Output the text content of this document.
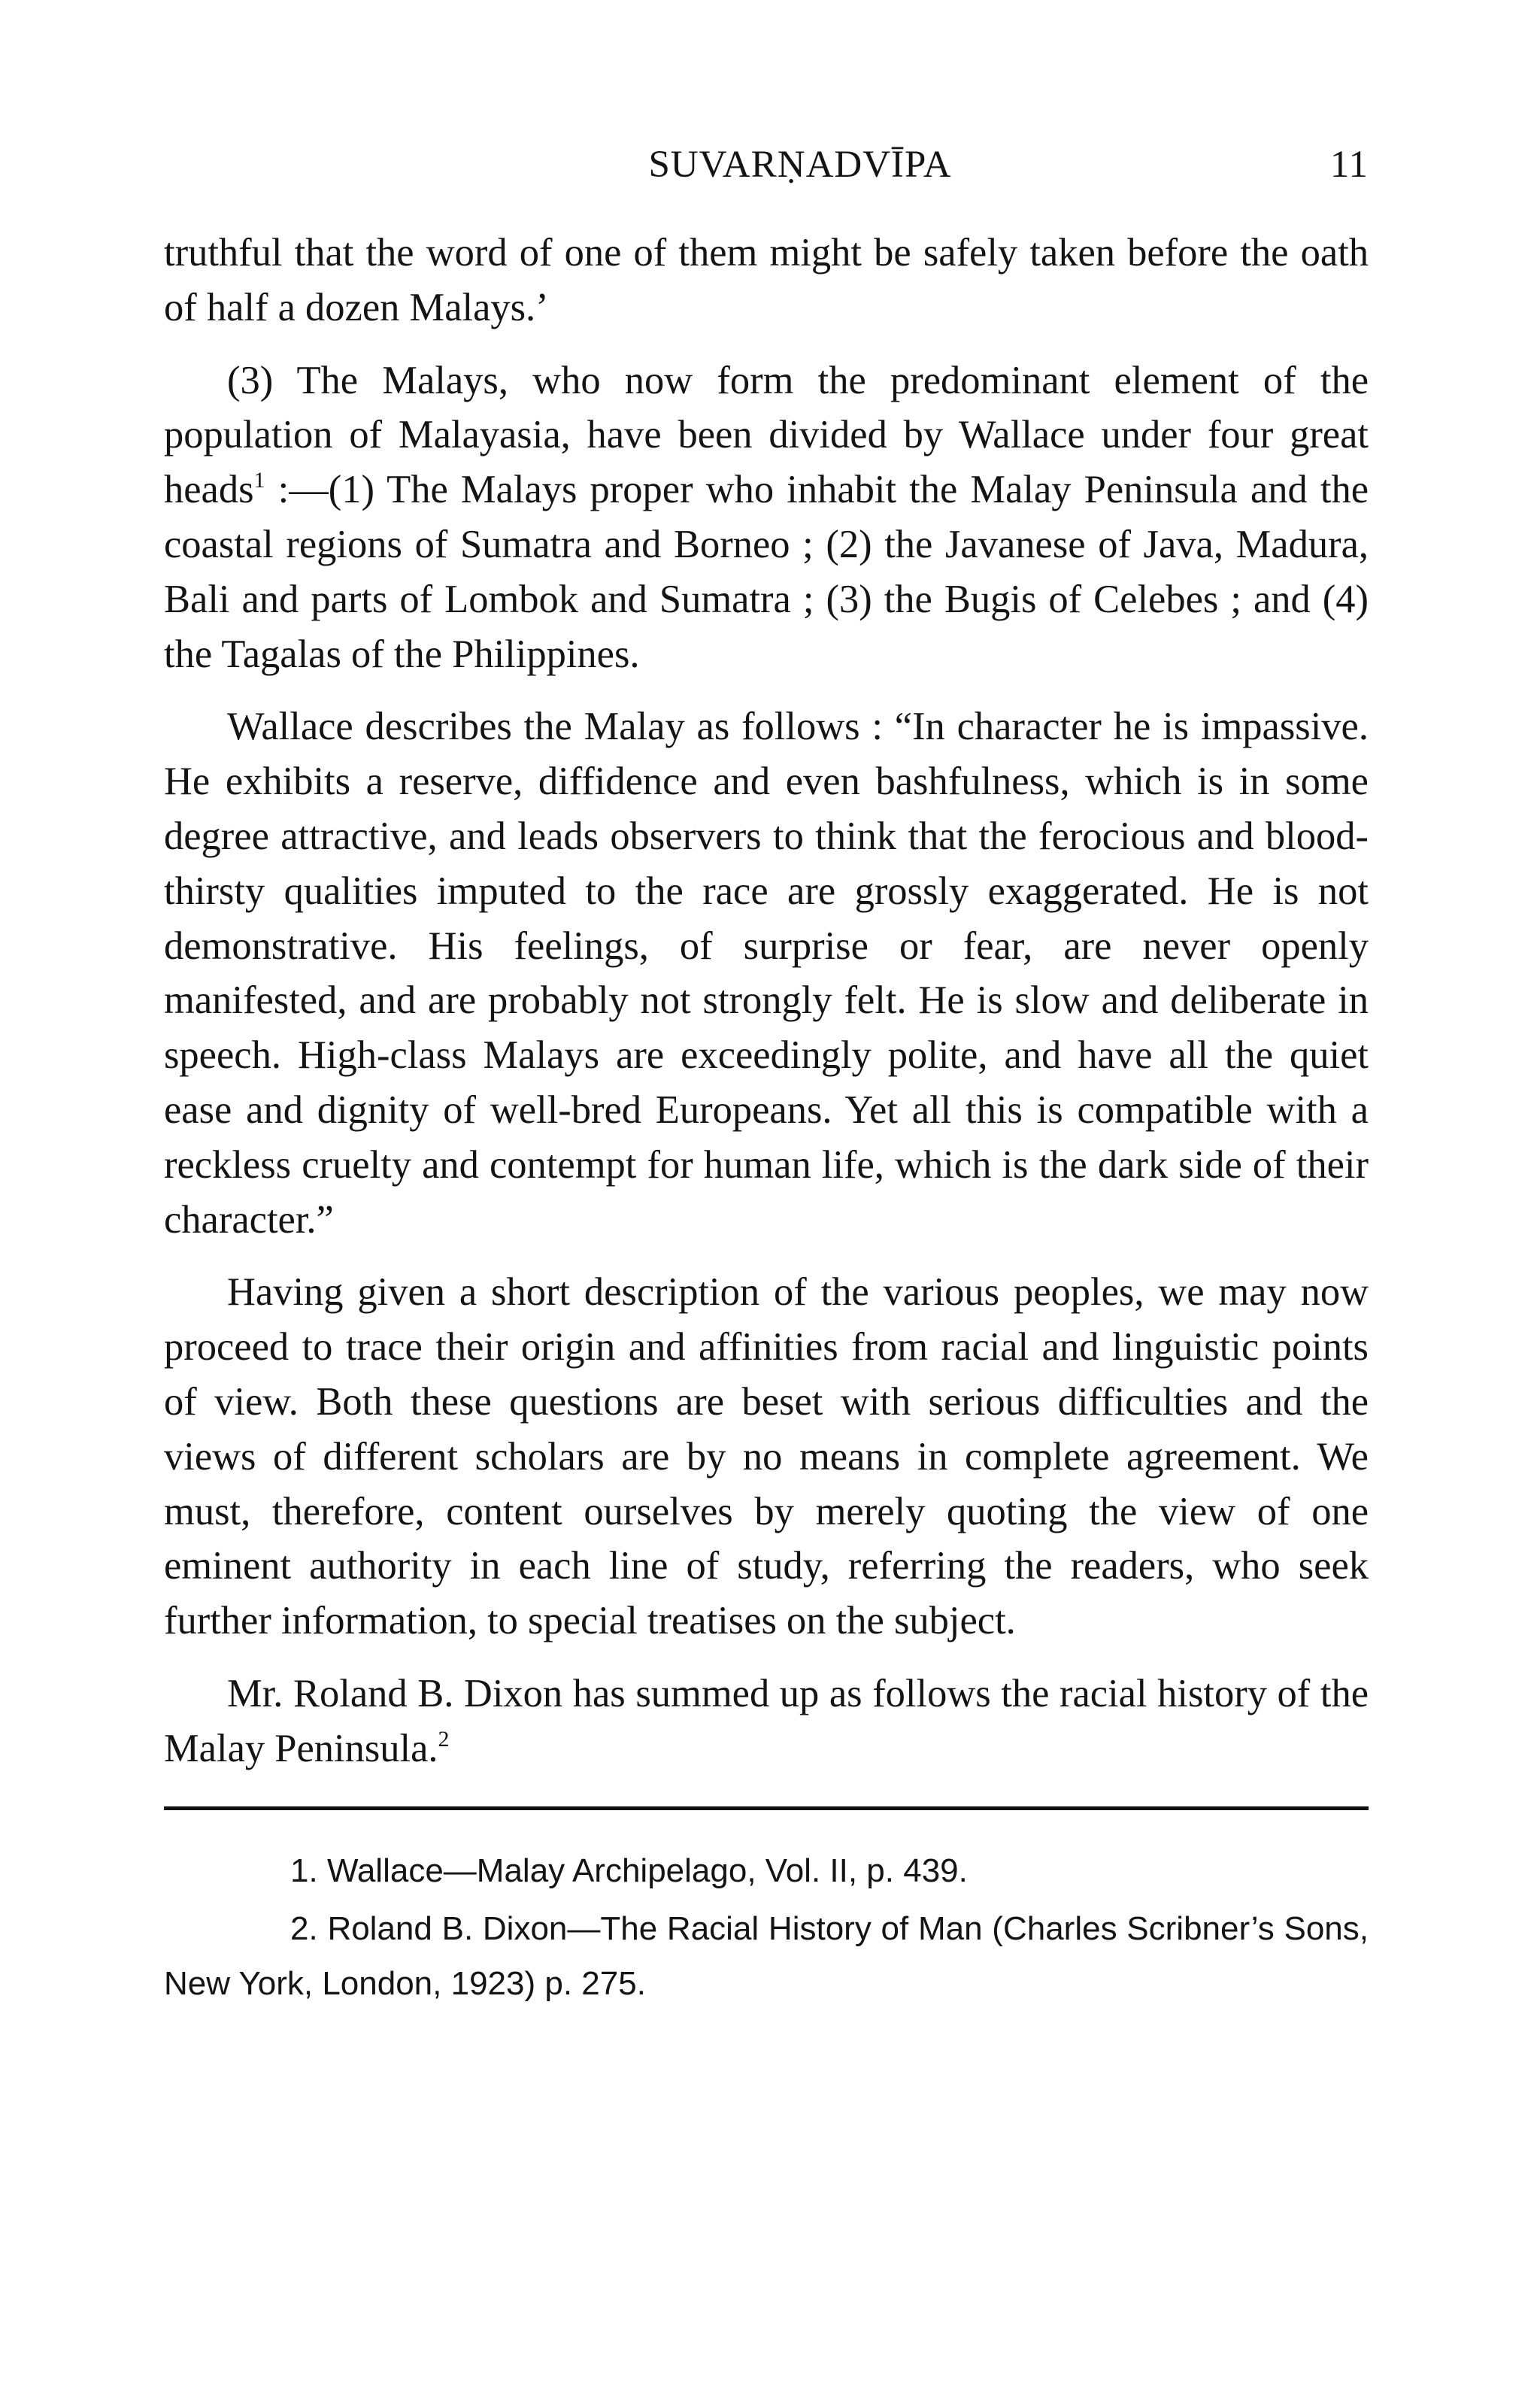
SUVARṆADVĪPA	11

truthful that the word of one of them might be safely taken before the oath of half a dozen Malays.’

(3) The Malays, who now form the predominant element of the population of Malayasia, have been divided by Wallace under four great heads$^1$ :—(1) The Malays proper who inhabit the Malay Peninsula and the coastal regions of Sumatra and Borneo ; (2) the Javanese of Java, Madura, Bali and parts of Lombok and Sumatra ; (3) the Bugis of Celebes ; and (4) the Tagalas of the Philippines.

Wallace describes the Malay as follows : “In character he is impassive. He exhibits a reserve, diffidence and even bashfulness, which is in some degree attractive, and leads observers to think that the ferocious and blood-thirsty qualities imputed to the race are grossly exaggerated. He is not demonstrative. His feelings, of surprise or fear, are never openly manifested, and are probably not strongly felt. He is slow and deliberate in speech. High-class Malays are exceedingly polite, and have all the quiet ease and dignity of well-bred Europeans. Yet all this is compatible with a reckless cruelty and contempt for human life, which is the dark side of their character.”

Having given a short description of the various peoples, we may now proceed to trace their origin and affinities from racial and linguistic points of view. Both these questions are beset with serious difficulties and the views of different scholars are by no means in complete agreement. We must, therefore, content ourselves by merely quoting the view of one eminent authority in each line of study, referring the readers, who seek further information, to special treatises on the subject.

Mr. Roland B. Dixon has summed up as follows the racial history of the Malay Peninsula.$^2$

1. Wallace—Malay Archipelago, Vol. II, p. 439.
2. Roland B. Dixon—The Racial History of Man (Charles Scribner’s Sons, New York, London, 1923) p. 275.
